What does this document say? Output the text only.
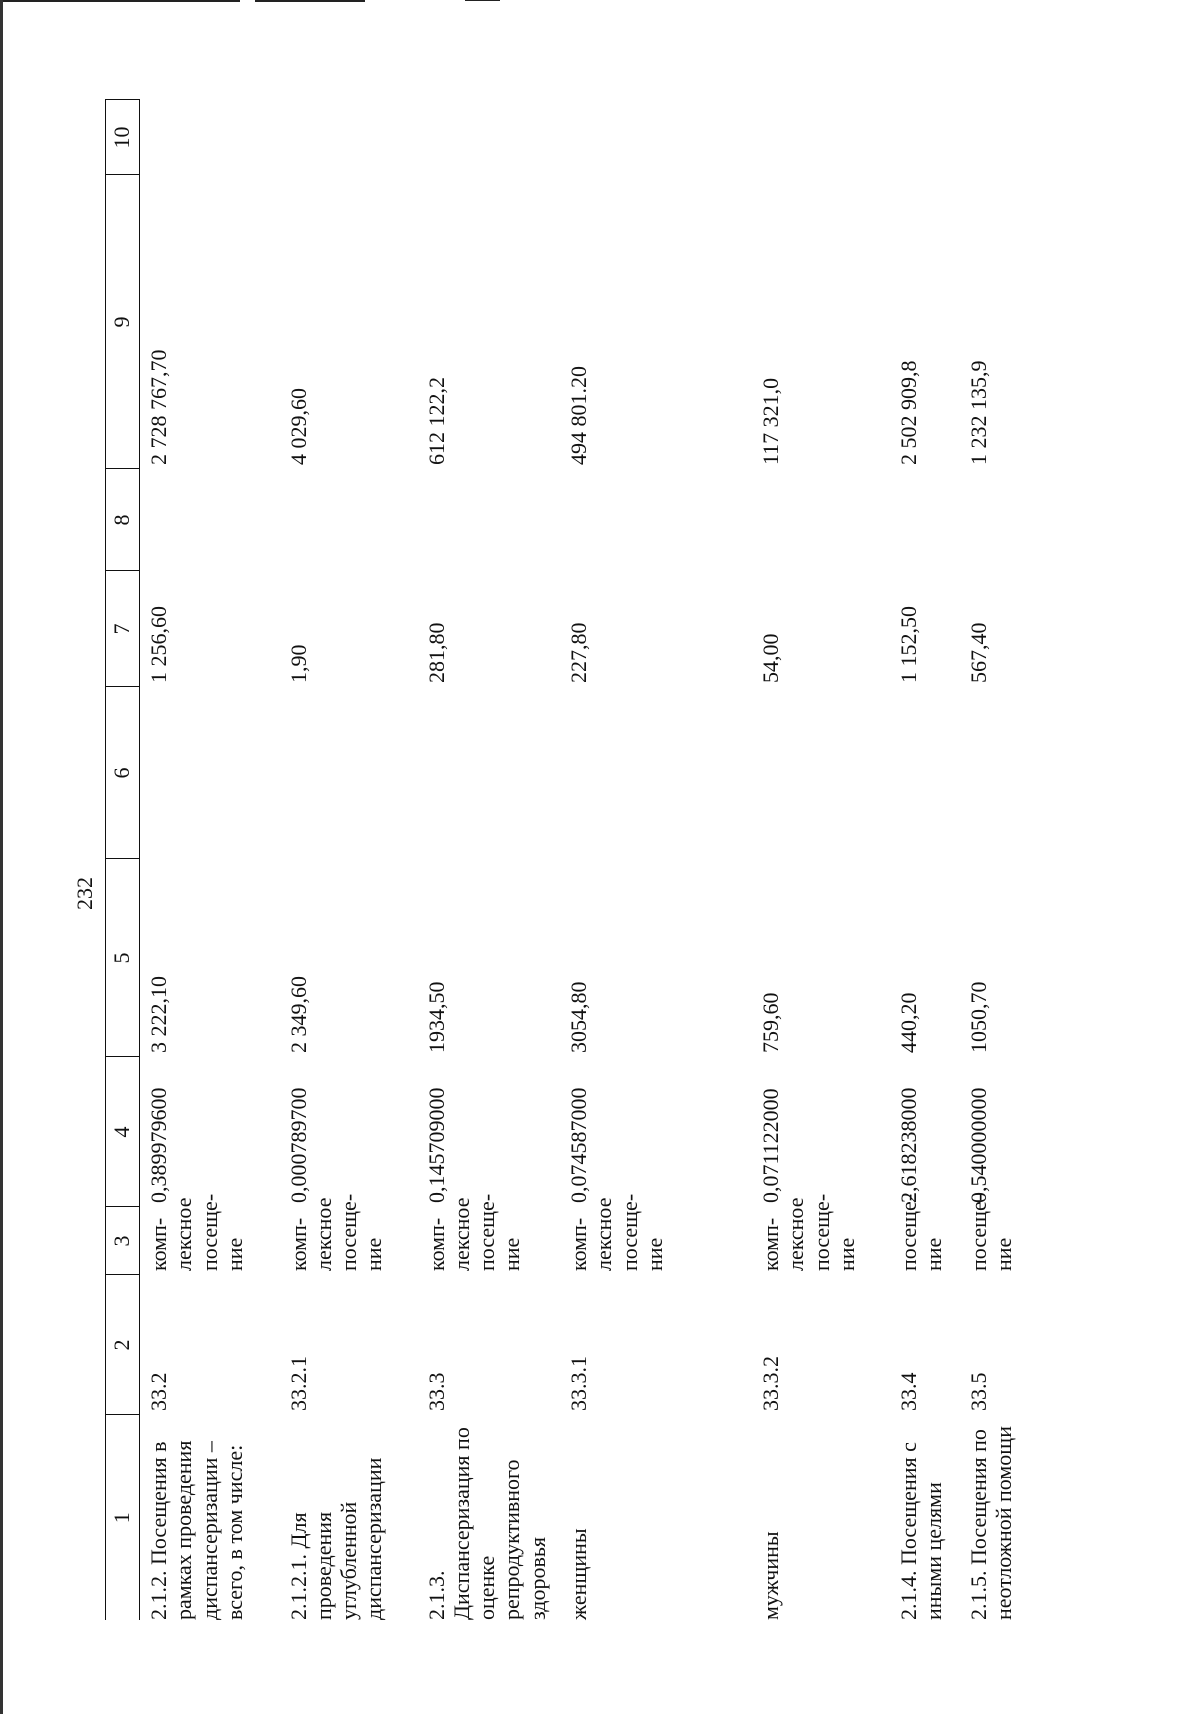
232
1	2	3	4	5	6	7	8	9	10
2.1.2. Посещения в рамках проведения диспансеризации – всего, в том числе:	33.2	комп-лексное посеще-ние	0,389979600	3 222,10		1 256,60		2 728 767,70	
2.1.2.1. Для проведения углубленной диспансеризации	33.2.1	комп-лексное посеще-ние	0,000789700	2 349,60		1,90		4 029,60	
2.1.3. Диспансеризация по оценке репродуктивного здоровья	33.3	комп-лексное посеще-ние	0,145709000	1934,50		281,80		612 122,2	
женщины	33.3.1	комп-лексное посеще-ние	0,074587000	3054,80		227,80		494 801.20	
мужчины	33.3.2	комп-лексное посеще-ние	0,071122000	759,60		54,00		117 321,0	
2.1.4. Посещения с иными целями	33.4	посеще-ние	2,618238000	440,20		1 152,50		2 502 909,8	
2.1.5. Посещения по неотложной помощи	33.5	посеще-ние	0,540000000	1050,70		567,40		1 232 135,9	
